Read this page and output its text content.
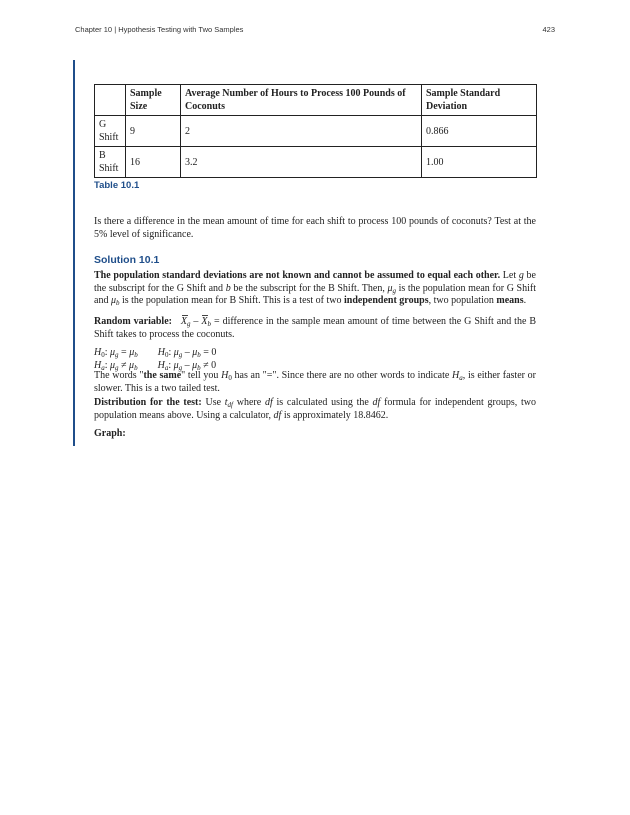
Chapter 10 | Hypothesis Testing with Two Samples	423
	Sample Size	Average Number of Hours to Process 100 Pounds of Coconuts	Sample Standard Deviation
G Shift	9	2	0.866
B Shift	16	3.2	1.00
Table 10.1

Is there a difference in the mean amount of time for each shift to process 100 pounds of coconuts? Test at the 5% level of significance.

Solution 10.1

The population standard deviations are not known and cannot be assumed to equal each other. Let g be the subscript for the G Shift and b be the subscript for the B Shift. Then, $\mu_g$ is the population mean for G Shift and $\mu_b$ is the population mean for B Shift. This is a test of two independent groups, two population means.

Random variable: $X_g - X_b$ = difference in the sample mean amount of time between the G Shift and the B Shift takes to process the coconuts.

$H_0$: $\mu_g = \mu_b$ $H_0$: $\mu_g - \mu_b = 0$
$H_a$: $\mu_g \ne \mu_b$ $H_a$: $\mu_g - \mu_b \ne 0$

The words "the same" tell you $H_0$ has an "=". Since there are no other words to indicate $H_a$, is either faster or slower. This is a two tailed test.

Distribution for the test: Use $t_{df}$ where df is calculated using the df formula for independent groups, two population means above. Using a calculator, df is approximately 18.8462.

Graph:
